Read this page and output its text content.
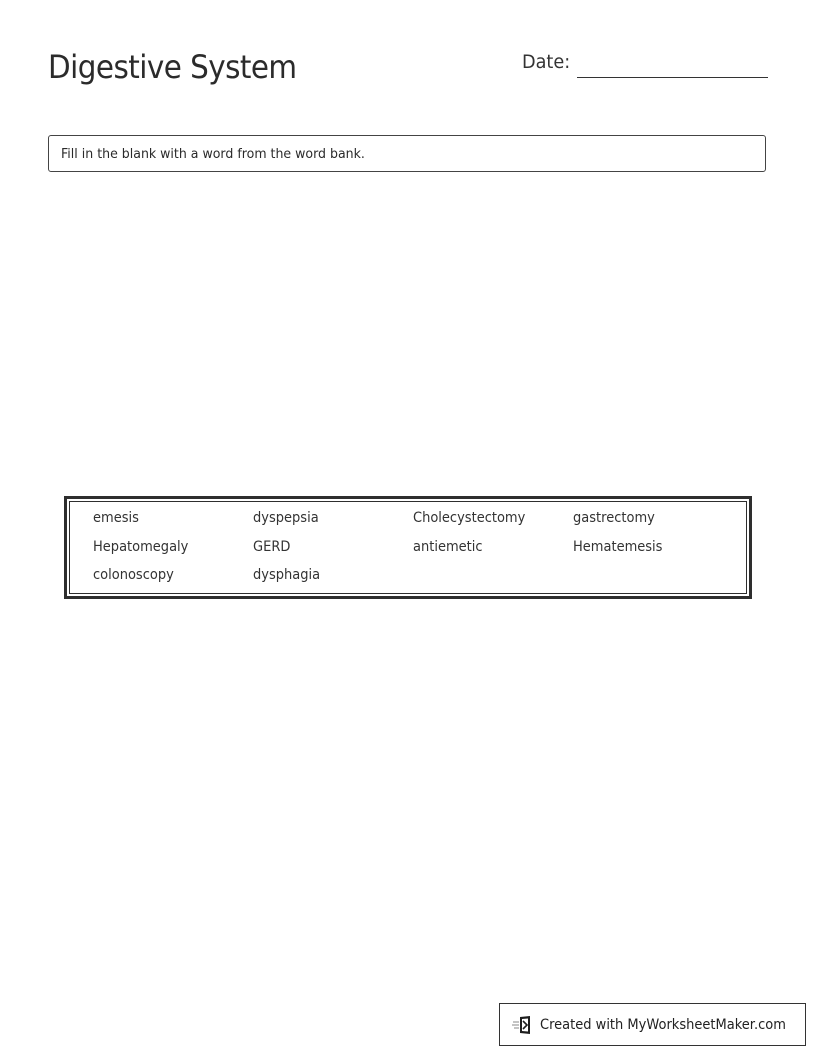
Digestive System	Date:
Fill in the blank with a word from the word bank.
emesis	dyspepsia	Cholecystectomy	gastrectomy
Hepatomegaly	GERD	antiemetic	Hematemesis
colonoscopy	dysphagia
Created with MyWorksheetMaker.com
